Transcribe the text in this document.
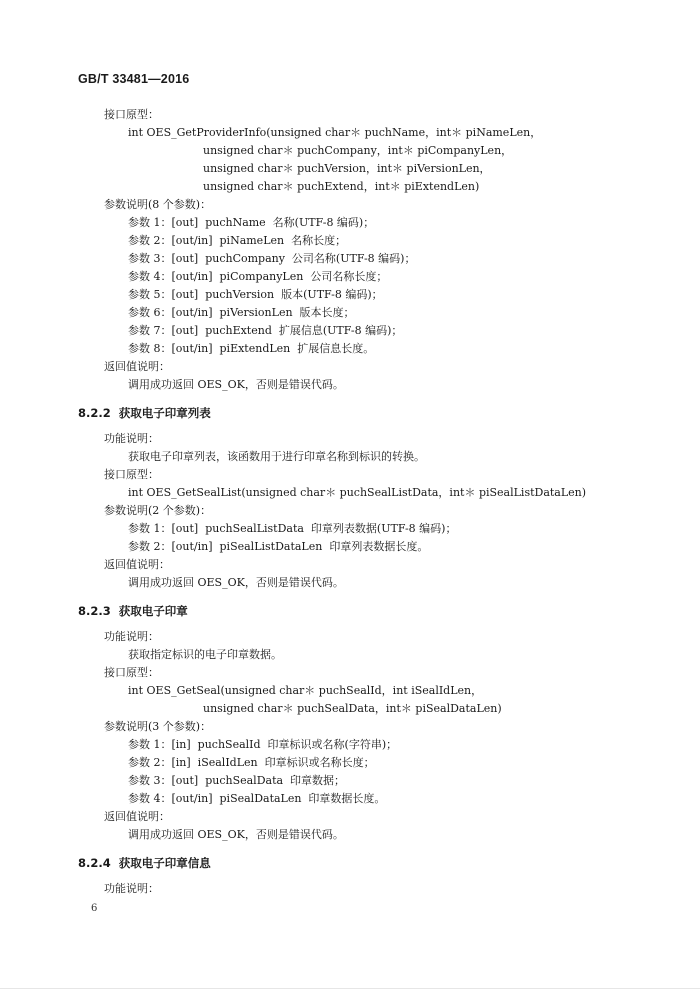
GB/T 33481—2016
接口原型：
int OES_GetProviderInfo(unsigned char＊ puchName，int＊ piNameLen，
unsigned char＊ puchCompany，int＊ piCompanyLen，
unsigned char＊ puchVersion，int＊ piVersionLen，
unsigned char＊ puchExtend，int＊ piExtendLen)
参数说明(8 个参数)：
参数 1：[out]  puchName  名称(UTF-8 编码)；
参数 2：[out/in]  piNameLen  名称长度；
参数 3：[out]  puchCompany  公司名称(UTF-8 编码)；
参数 4：[out/in]  piCompanyLen  公司名称长度；
参数 5：[out]  puchVersion  版本(UTF-8 编码)；
参数 6：[out/in]  piVersionLen  版本长度；
参数 7：[out]  puchExtend  扩展信息(UTF-8 编码)；
参数 8：[out/in]  piExtendLen  扩展信息长度。
返回值说明：
调用成功返回 OES_OK，否则是错误代码。
8.2.2  获取电子印章列表
功能说明：
获取电子印章列表，该函数用于进行印章名称到标识的转换。
接口原型：
int OES_GetSealList(unsigned char＊ puchSealListData，int＊ piSealListDataLen)
参数说明(2 个参数)：
参数 1：[out]  puchSealListData  印章列表数据(UTF-8 编码)；
参数 2：[out/in]  piSealListDataLen  印章列表数据长度。
返回值说明：
调用成功返回 OES_OK，否则是错误代码。
8.2.3  获取电子印章
功能说明：
获取指定标识的电子印章数据。
接口原型：
int OES_GetSeal(unsigned char＊ puchSealId，int iSealIdLen，
unsigned char＊ puchSealData，int＊ piSealDataLen)
参数说明(3 个参数)：
参数 1：[in]  puchSealId  印章标识或名称(字符串)；
参数 2：[in]  iSealIdLen  印章标识或名称长度；
参数 3：[out]  puchSealData  印章数据；
参数 4：[out/in]  piSealDataLen  印章数据长度。
返回值说明：
调用成功返回 OES_OK，否则是错误代码。
8.2.4  获取电子印章信息
功能说明：
6
